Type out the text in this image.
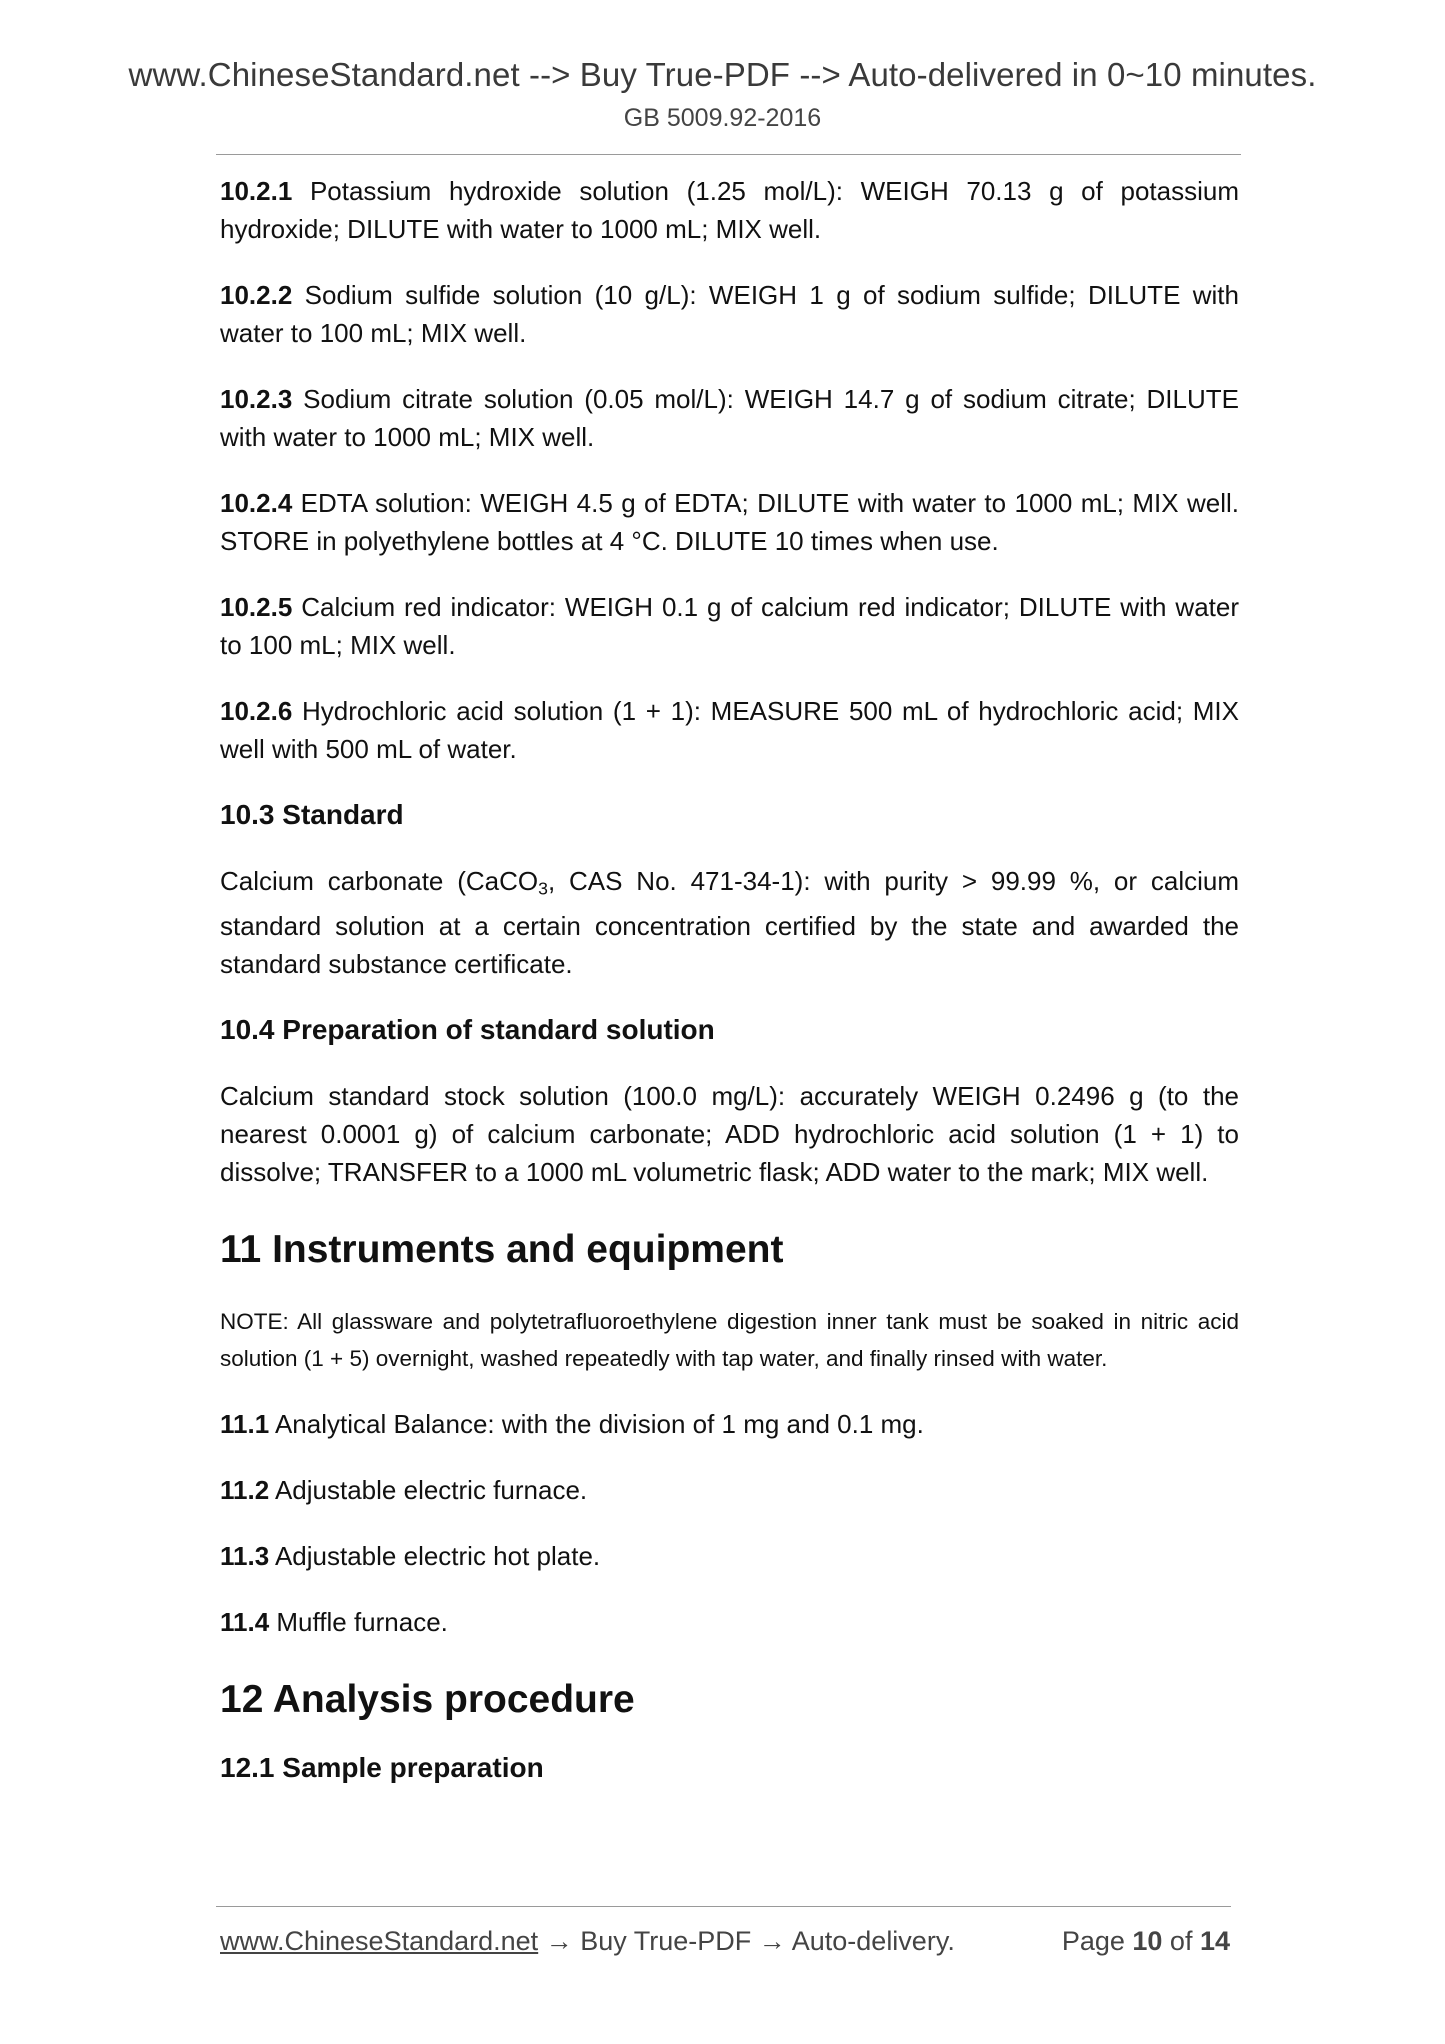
www.ChineseStandard.net --> Buy True-PDF --> Auto-delivered in 0~10 minutes.
GB 5009.92-2016

10.2.1 Potassium hydroxide solution (1.25 mol/L): WEIGH 70.13 g of potassium hydroxide; DILUTE with water to 1000 mL; MIX well.

10.2.2 Sodium sulfide solution (10 g/L): WEIGH 1 g of sodium sulfide; DILUTE with water to 100 mL; MIX well.

10.2.3 Sodium citrate solution (0.05 mol/L): WEIGH 14.7 g of sodium citrate; DILUTE with water to 1000 mL; MIX well.

10.2.4 EDTA solution: WEIGH 4.5 g of EDTA; DILUTE with water to 1000 mL; MIX well. STORE in polyethylene bottles at 4 °C. DILUTE 10 times when use.

10.2.5 Calcium red indicator: WEIGH 0.1 g of calcium red indicator; DILUTE with water to 100 mL; MIX well.

10.2.6 Hydrochloric acid solution (1 + 1): MEASURE 500 mL of hydrochloric acid; MIX well with 500 mL of water.

10.3 Standard

Calcium carbonate (CaCO$_3$, CAS No. 471-34-1): with purity > 99.99 %, or calcium standard solution at a certain concentration certified by the state and awarded the standard substance certificate.

10.4 Preparation of standard solution

Calcium standard stock solution (100.0 mg/L): accurately WEIGH 0.2496 g (to the nearest 0.0001 g) of calcium carbonate; ADD hydrochloric acid solution (1 + 1) to dissolve; TRANSFER to a 1000 mL volumetric flask; ADD water to the mark; MIX well.

11 Instruments and equipment

NOTE: All glassware and polytetrafluoroethylene digestion inner tank must be soaked in nitric acid solution (1 + 5) overnight, washed repeatedly with tap water, and finally rinsed with water.

11.1 Analytical Balance: with the division of 1 mg and 0.1 mg.

11.2 Adjustable electric furnace.

11.3 Adjustable electric hot plate.

11.4 Muffle furnace.

12 Analysis procedure

12.1 Sample preparation

www.ChineseStandard.net → Buy True-PDF → Auto-delivery.	Page 10 of 14
